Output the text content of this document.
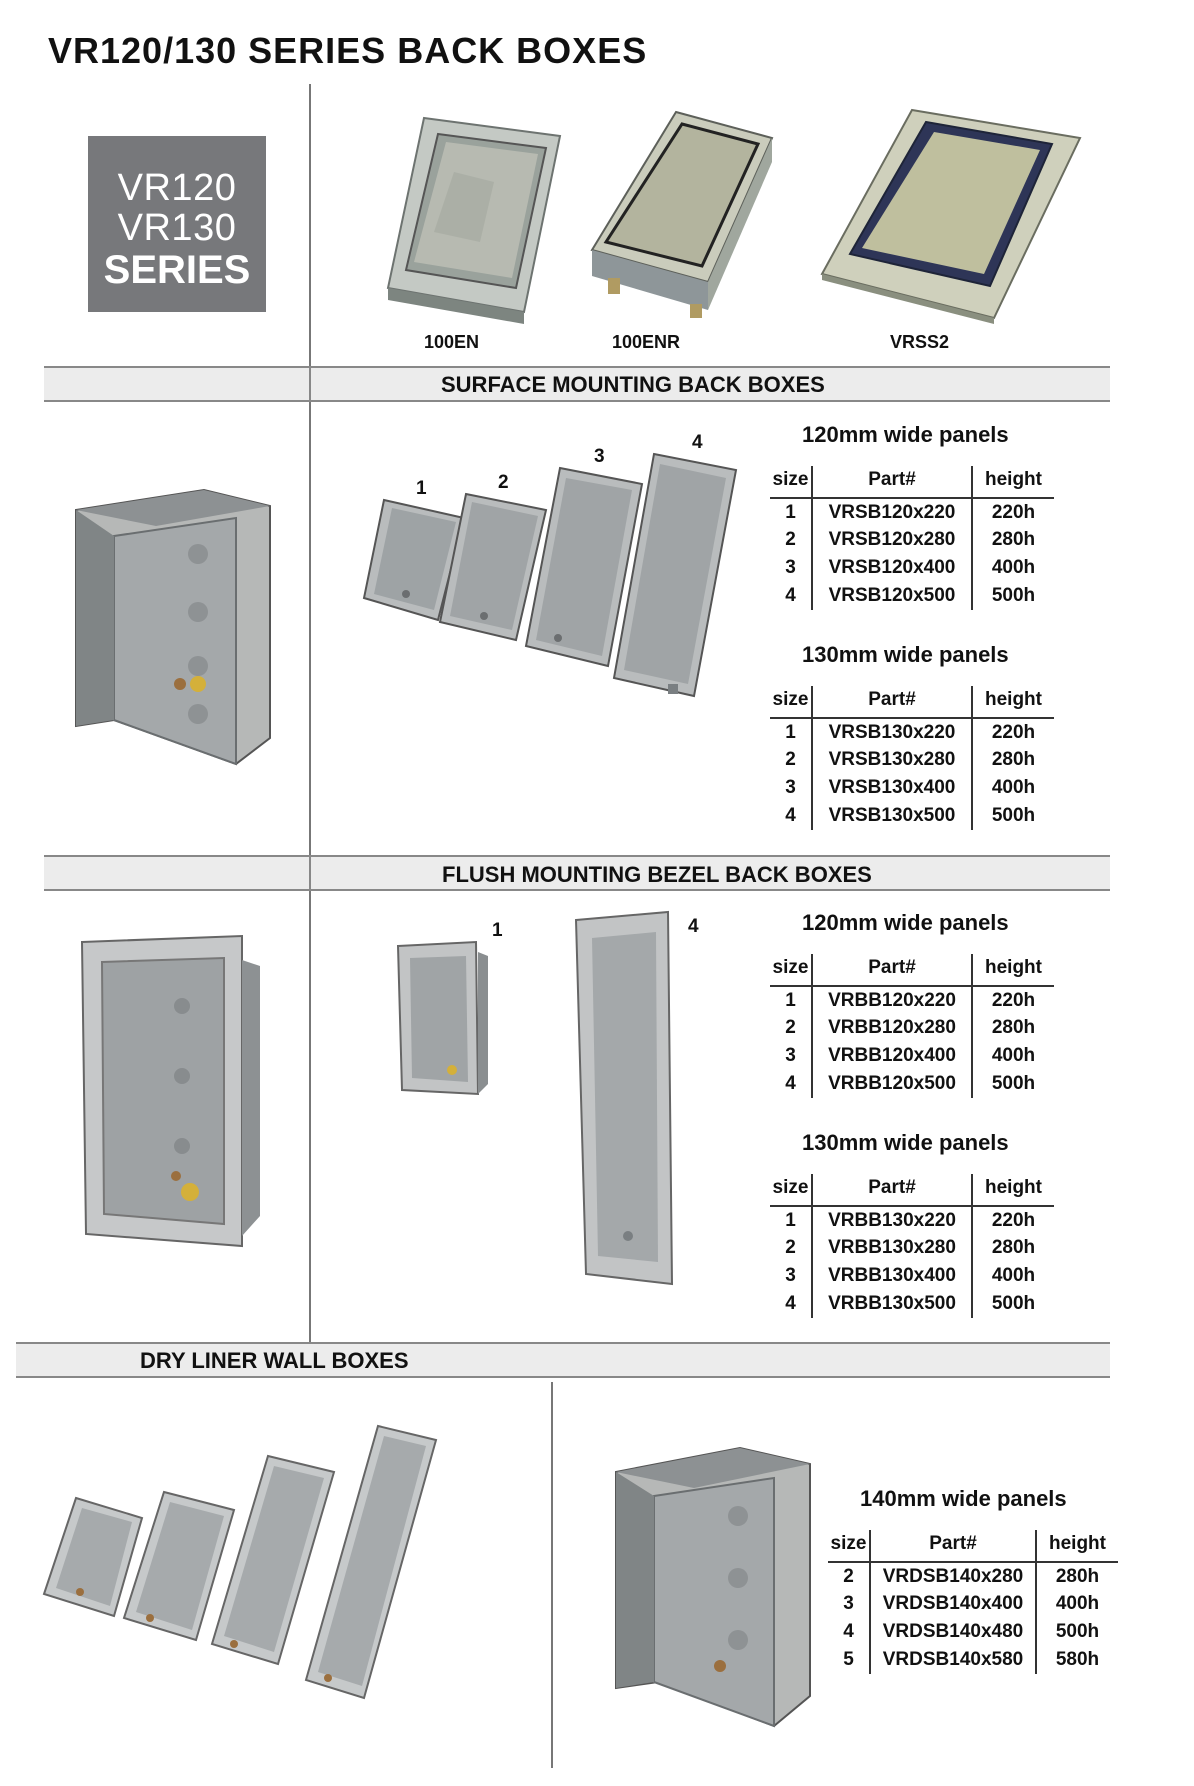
VR120/130 SERIES BACK BOXES
VR120
VR130
SERIES
100EN	100ENR	VRSS2
SURFACE MOUNTING BACK BOXES
1	2
3
4	120mm wide panels
size	Part#	height
1	VRSB120x220	220h
2	VRSB120x280	280h
3	VRSB120x400	400h
4	VRSB120x500	500h
130mm wide panels
size	Part#	height
1	VRSB130x220	220h
2	VRSB130x280	280h
3	VRSB130x400	400h
4	VRSB130x500	500h
FLUSH MOUNTING BEZEL BACK BOXES
1	4	120mm wide panels
size	Part#	height
1	VRBB120x220	220h
2	VRBB120x280	280h
3	VRBB120x400	400h
4	VRBB120x500	500h
130mm wide panels
size	Part#	height
1	VRBB130x220	220h
2	VRBB130x280	280h
3	VRBB130x400	400h
4	VRBB130x500	500h
DRY LINER WALL BOXES
140mm wide panels
size	Part#	height
2	VRDSB140x280	280h
3	VRDSB140x400	400h
4	VRDSB140x480	500h
5	VRDSB140x580	580h
